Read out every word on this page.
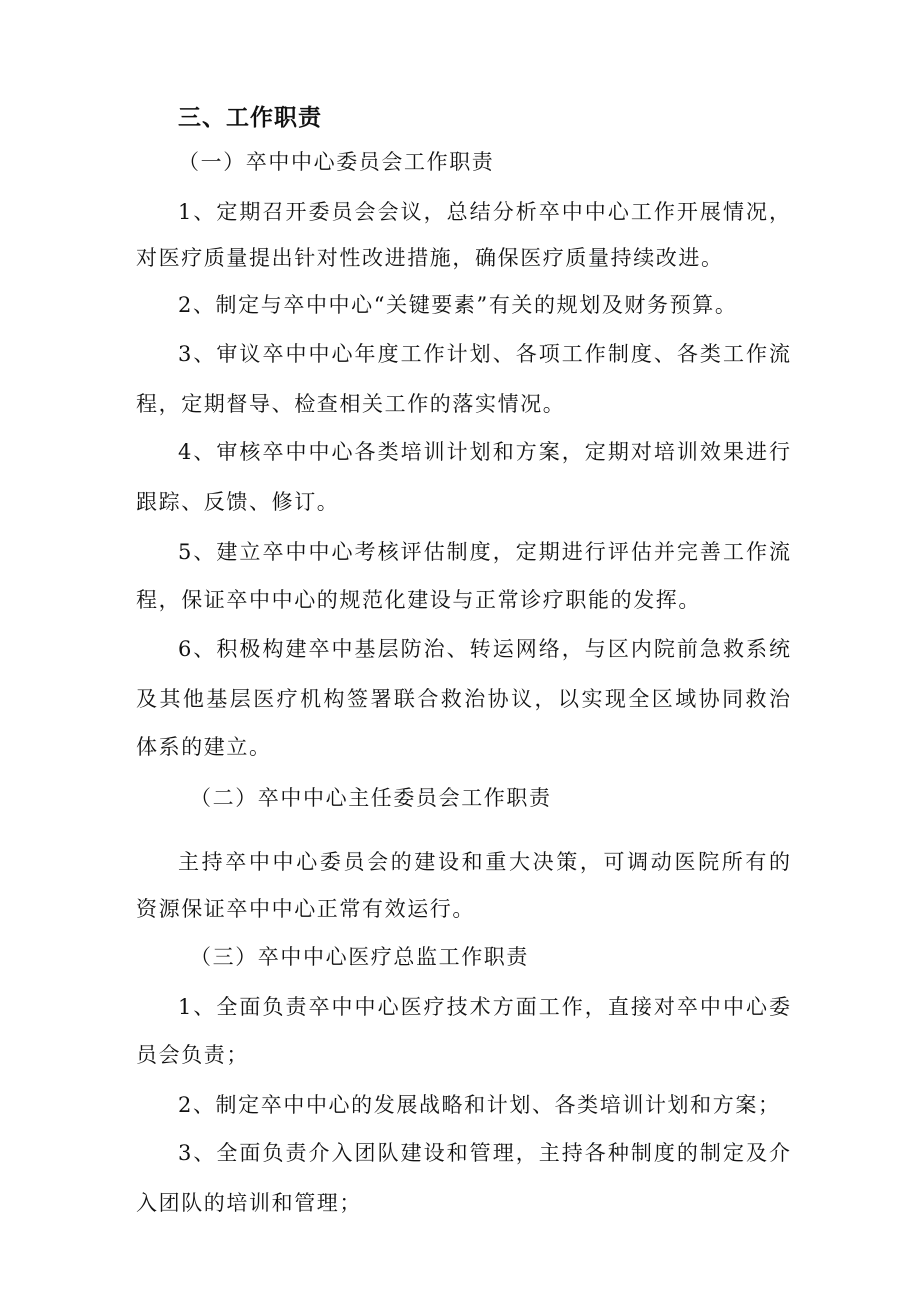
三、工作职责
（一）卒中中心委员会工作职责
1、定期召开委员会会议，总结分析卒中中心工作开展情况，
对医疗质量提出针对性改进措施，确保医疗质量持续改进。
2、制定与卒中中心“关键要素”有关的规划及财务预算。
3、审议卒中中心年度工作计划、各项工作制度、各类工作流
程，定期督导、检查相关工作的落实情况。
4、审核卒中中心各类培训计划和方案，定期对培训效果进行
跟踪、反馈、修订。
5、建立卒中中心考核评估制度，定期进行评估并完善工作流
程，保证卒中中心的规范化建设与正常诊疗职能的发挥。
6、积极构建卒中基层防治、转运网络，与区内院前急救系统
及其他基层医疗机构签署联合救治协议，以实现全区域协同救治
体系的建立。
（二）卒中中心主任委员会工作职责
主持卒中中心委员会的建设和重大决策，可调动医院所有的
资源保证卒中中心正常有效运行。
（三）卒中中心医疗总监工作职责
1、全面负责卒中中心医疗技术方面工作，直接对卒中中心委
员会负责；
2、制定卒中中心的发展战略和计划、各类培训计划和方案；
3、全面负责介入团队建设和管理，主持各种制度的制定及介
入团队的培训和管理；
